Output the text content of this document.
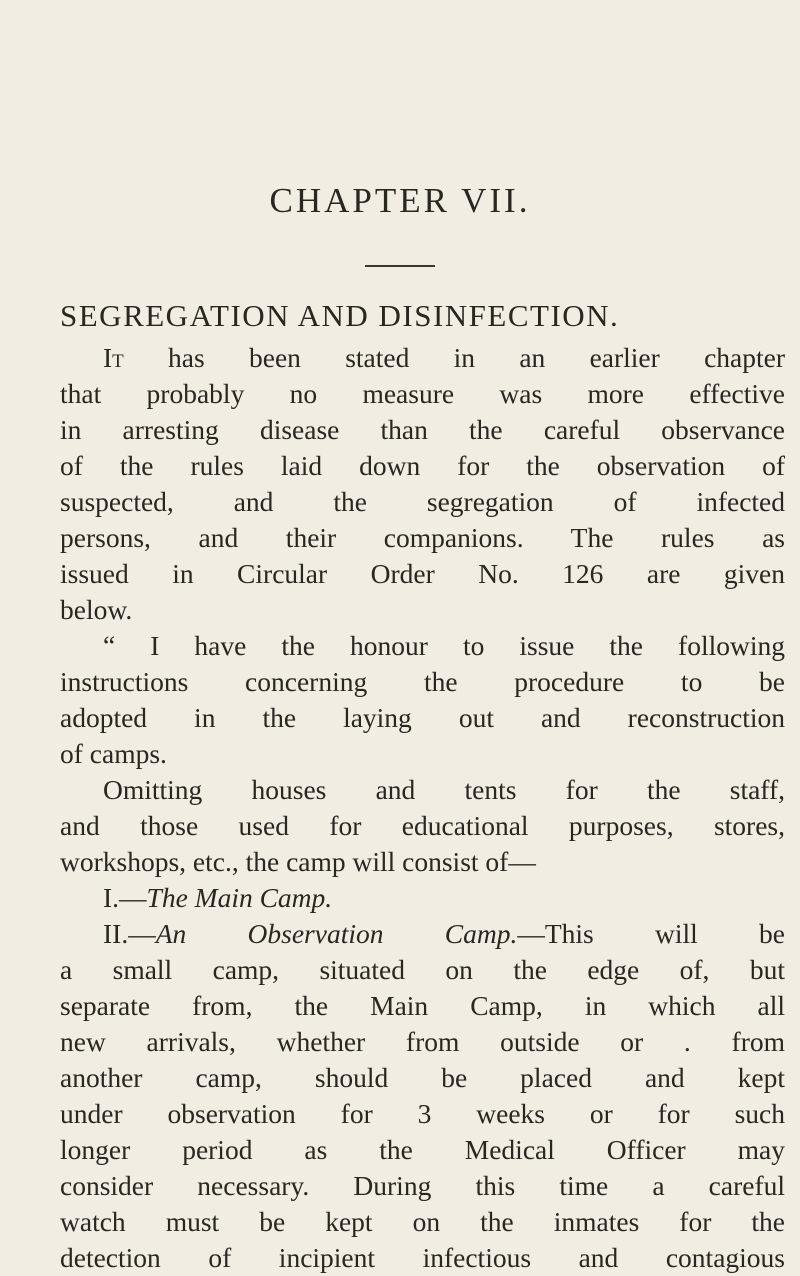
CHAPTER VII.
SEGREGATION AND DISINFECTION.

It has been stated in an earlier chapter

that probably no measure was more effective

in arresting disease than the careful observance

of the rules laid down for the observation of

suspected, and the segregation of infected

persons, and their companions. The rules as

issued in Circular Order No. 126 are given

below.

“ I have the honour to issue the following

instructions concerning the procedure to be

adopted in the laying out and reconstruction

of camps.

Omitting houses and tents for the staff,

and those used for educational purposes, stores,

workshops, etc., the camp will consist of—

I.—The Main Camp.

II.—An Observation Camp.—This will be

a small camp, situated on the edge of, but

separate from, the Main Camp, in which all

new arrivals, whether from outside or . from

another camp, should be placed and kept

under observation for 3 weeks or for such

longer period as the Medical Officer may

consider necessary. During this time a careful

watch must be kept on the inmates for the

detection of incipient infectious and contagious
